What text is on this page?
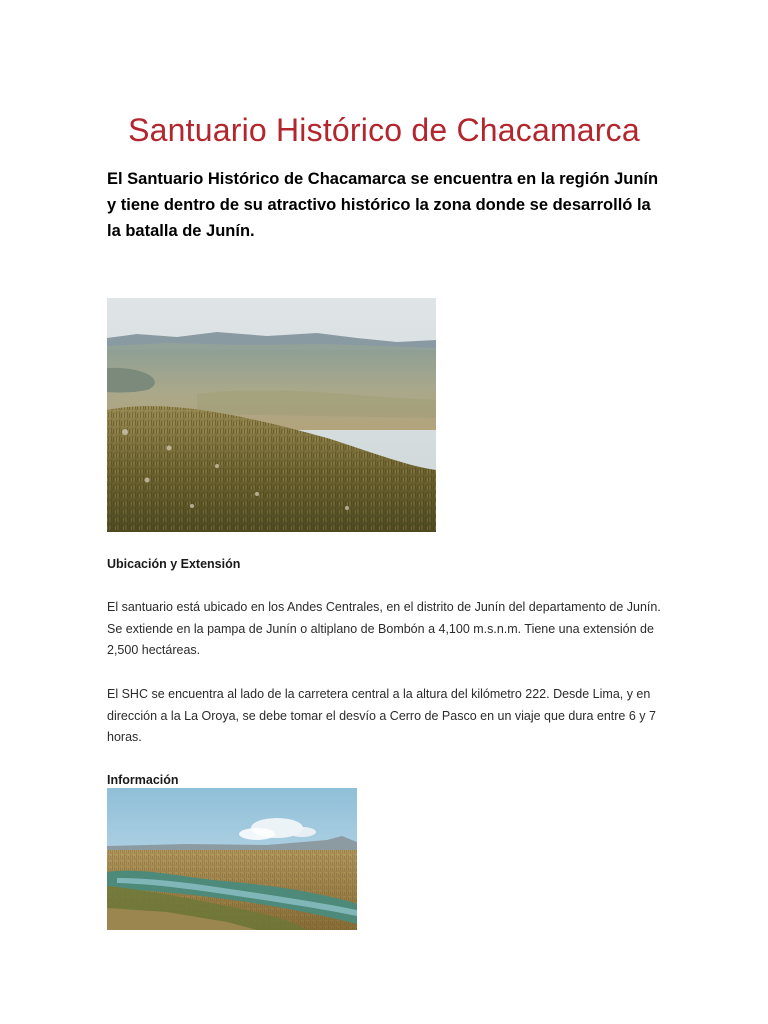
Santuario Histórico de Chacamarca

El Santuario Histórico de Chacamarca se encuentra en la región Junín y tiene dentro de su atractivo histórico la zona donde se desarrolló la la batalla de Junín.

Ubicación y Extensión

El santuario está ubicado en los Andes Centrales, en el distrito de Junín del departamento de Junín. Se extiende en la pampa de Junín o altiplano de Bombón a 4,100 m.s.n.m. Tiene una extensión de 2,500 hectáreas.

El SHC se encuentra al lado de la carretera central a la altura del kilómetro 222. Desde Lima, y en dirección a la La Oroya, se debe tomar el desvío a Cerro de Pasco en un viaje que dura entre 6 y 7 horas.

Información
